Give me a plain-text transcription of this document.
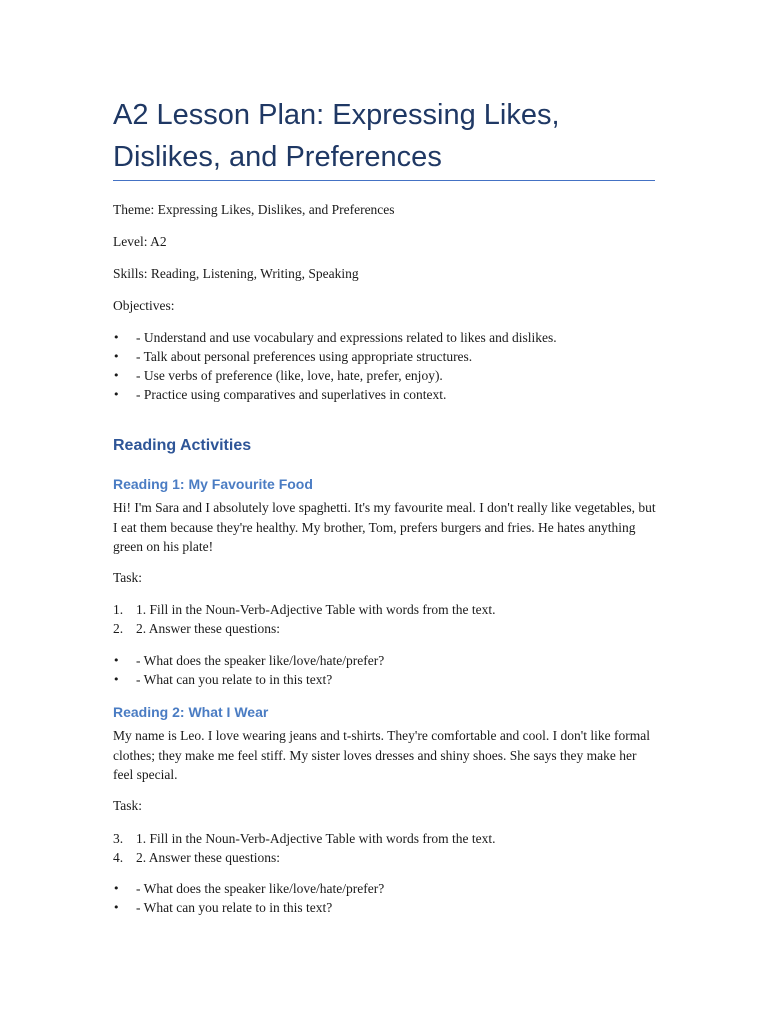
A2 Lesson Plan: Expressing Likes, Dislikes, and Preferences

Theme: Expressing Likes, Dislikes, and Preferences

Level: A2

Skills: Reading, Listening, Writing, Speaking

Objectives:

• - Understand and use vocabulary and expressions related to likes and dislikes.
• - Talk about personal preferences using appropriate structures.
• - Use verbs of preference (like, love, hate, prefer, enjoy).
• - Practice using comparatives and superlatives in context.
Reading Activities
Reading 1: My Favourite Food

Hi! I'm Sara and I absolutely love spaghetti. It's my favourite meal. I don't really like vegetables, but I eat them because they're healthy. My brother, Tom, prefers burgers and fries. He hates anything green on his plate!

Task:

1. 1. Fill in the Noun-Verb-Adjective Table with words from the text.
2. 2. Answer these questions:
• - What does the speaker like/love/hate/prefer?
• - What can you relate to in this text?
Reading 2: What I Wear

My name is Leo. I love wearing jeans and t-shirts. They're comfortable and cool. I don't like formal clothes; they make me feel stiff. My sister loves dresses and shiny shoes. She says they make her feel special.

Task:

3. 1. Fill in the Noun-Verb-Adjective Table with words from the text.
4. 2. Answer these questions:
• - What does the speaker like/love/hate/prefer?
• - What can you relate to in this text?
